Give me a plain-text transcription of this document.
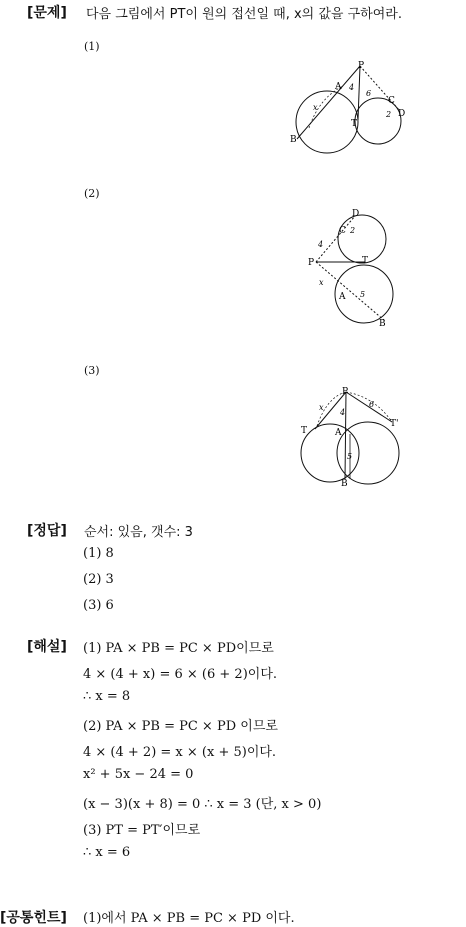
[문제] 다음 그림에서 PT이 원의 접선일 때, x의 값을 구하여라.
(1)
(2)
(3)
P
A 4
x
6
C
D
2
T
B
D
C 2
4
P	T
x
A 5
B
P
x
4
6
T
T'
A
5
B
[정답] 순서: 있음, 갯수: 3
(1) 8
(2) 3
(3) 6
[해설] (1) PA × PB = PC × PD이므로
4 × (4 + x) = 6 × (6 + 2)이다.
∴ x = 8
(2) PA × PB = PC × PD 이므로
4 × (4 + 2) = x × (x + 5)이다.
x² + 5x − 24 = 0
(x − 3)(x + 8) = 0 ∴ x = 3 (단, x > 0)
(3) PT = PT′이므로
∴ x = 6
[공통힌트] (1)에서 PA × PB = PC × PD 이다.
